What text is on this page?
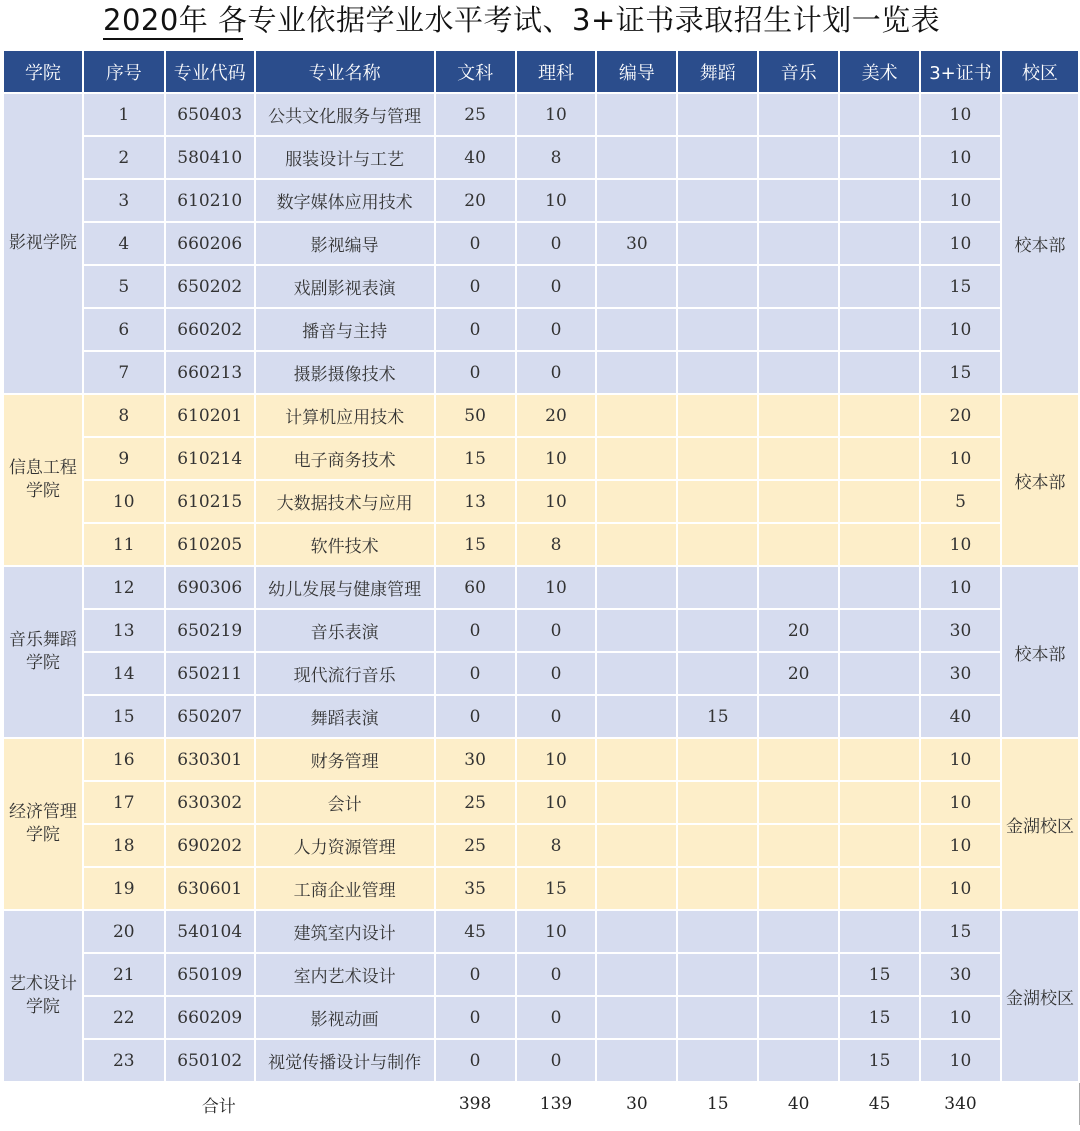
2020年 各专业依据学业水平考试、3+证书录取招生计划一览表
学院	序号	专业代码	专业名称	文科	理科	编导	舞蹈	音乐	美术	3+证书	校区
影视学院	1	650403	公共文化服务与管理	25	10					10	校本部
	2	580410	服装设计与工艺	40	8					10	
	3	610210	数字媒体应用技术	20	10					10	
	4	660206	影视编导	0	0	30				10	
	5	650202	戏剧影视表演	0	0					15	
	6	660202	播音与主持	0	0					10	
	7	660213	摄影摄像技术	0	0					15	
信息工程学院	8	610201	计算机应用技术	50	20					20	校本部
	9	610214	电子商务技术	15	10					10	
	10	610215	大数据技术与应用	13	10					5	
	11	610205	软件技术	15	8					10	
音乐舞蹈学院	12	690306	幼儿发展与健康管理	60	10					10	校本部
	13	650219	音乐表演	0	0			20		30	
	14	650211	现代流行音乐	0	0			20		30	
	15	650207	舞蹈表演	0	0		15			40	
经济管理学院	16	630301	财务管理	30	10					10	金湖校区
	17	630302	会计	25	10					10	
	18	690202	人力资源管理	25	8					10	
	19	630601	工商企业管理	35	15					10	
艺术设计学院	20	540104	建筑室内设计	45	10					15	金湖校区
	21	650109	室内艺术设计	0	0				15	30	
	22	660209	影视动画	0	0				15	10	
	23	650102	视觉传播设计与制作	0	0				15	10	
合计				398	139	30	15	40	45	340	
